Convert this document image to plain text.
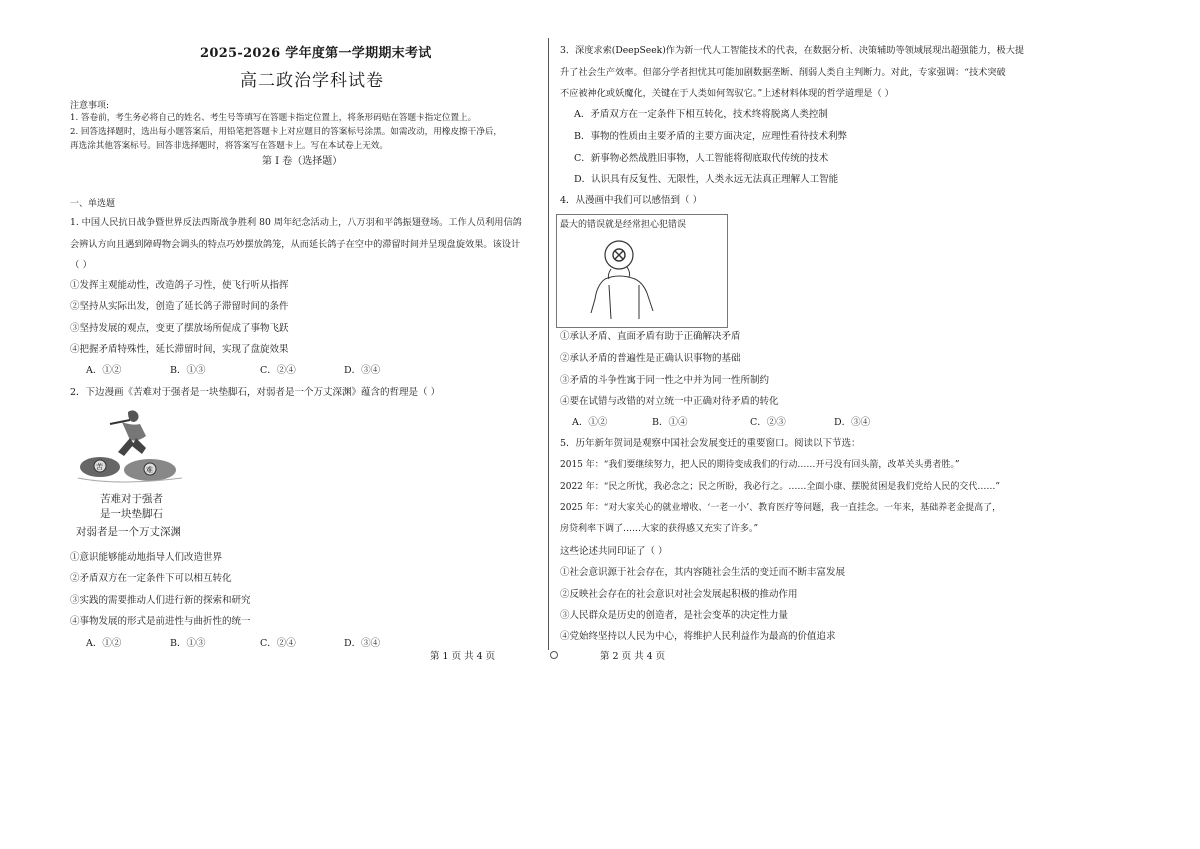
2025-2026 学年度第一学期期末考试
高二政治学科试卷
注意事项:
1. 答卷前，考生务必将自己的姓名、考生号等填写在答题卡指定位置上，将条形码贴在答题卡指定位置上。
2. 回答选择题时，选出每小题答案后，用铅笔把答题卡上对应题目的答案标号涂黑。如需改动，用橡皮擦干净后，
再选涂其他答案标号。回答非选择题时，将答案写在答题卡上。写在本试卷上无效。
第 I 卷（选择题）
一、单选题
1. 中国人民抗日战争暨世界反法西斯战争胜利 80 周年纪念活动上，八万羽和平鸽振翅登场。工作人员利用信鸽
会辨认方向且遇到障碍物会调头的特点巧妙摆放鸽笼，从而延长鸽子在空中的滞留时间并呈现盘旋效果。该设计
（ ）
①发挥主观能动性，改造鸽子习性，使飞行听从指挥
②坚持从实际出发，创造了延长鸽子滞留时间的条件
③坚持发展的观点，变更了摆放场所促成了事物飞跃
④把握矛盾特殊性，延长滞留时间，实现了盘旋效果
A．①②	B．①③	C．②④	D．③④
2．下边漫画《苦难对于强者是一块垫脚石，对弱者是一个万丈深渊》蕴含的哲理是（ ）
苦	难
苦难对于强者
是一块垫脚石
对弱者是一个万丈深渊
①意识能够能动地指导人们改造世界
②矛盾双方在一定条件下可以相互转化
③实践的需要推动人们进行新的探索和研究
④事物发展的形式是前进性与曲折性的统一
A．①②	B．①③	C．②④	D．③④
第 1 页 共 4 页
3．深度求索(DeepSeek)作为新一代人工智能技术的代表，在数据分析、决策辅助等领域展现出超强能力，极大提
升了社会生产效率。但部分学者担忧其可能加剧数据垄断、削弱人类自主判断力。对此，专家强调：“技术突破
不应被神化或妖魔化，关键在于人类如何驾驭它。”上述材料体现的哲学道理是（ ）
A．矛盾双方在一定条件下相互转化，技术终将脱离人类控制
B．事物的性质由主要矛盾的主要方面决定，应理性看待技术利弊
C．新事物必然战胜旧事物，人工智能将彻底取代传统的技术
D．认识具有反复性、无限性，人类永远无法真正理解人工智能
4．从漫画中我们可以感悟到（ ）
最大的错误就是经常担心犯错误
①承认矛盾、直面矛盾有助于正确解决矛盾
②承认矛盾的普遍性是正确认识事物的基础
③矛盾的斗争性寓于同一性之中并为同一性所制约
④要在试错与改错的对立统一中正确对待矛盾的转化
A．①②	B．①④	C．②③	D．③④
5．历年新年贺词是观察中国社会发展变迁的重要窗口。阅读以下节选：
2015 年：“我们要继续努力，把人民的期待变成我们的行动……开弓没有回头箭，改革关头勇者胜。”
2022 年：“民之所忧，我必念之；民之所盼，我必行之。……全面小康、摆脱贫困是我们党给人民的交代……”
2025 年：“对大家关心的就业增收、‘一老一小’、教育医疗等问题，我一直挂念。一年来，基础养老金提高了，
房贷利率下调了……大家的获得感又充实了许多。”
这些论述共同印证了（ ）
①社会意识源于社会存在，其内容随社会生活的变迁而不断丰富发展
②反映社会存在的社会意识对社会发展起积极的推动作用
③人民群众是历史的创造者，是社会变革的决定性力量
④党始终坚持以人民为中心，将维护人民利益作为最高的价值追求
第 2 页 共 4 页
